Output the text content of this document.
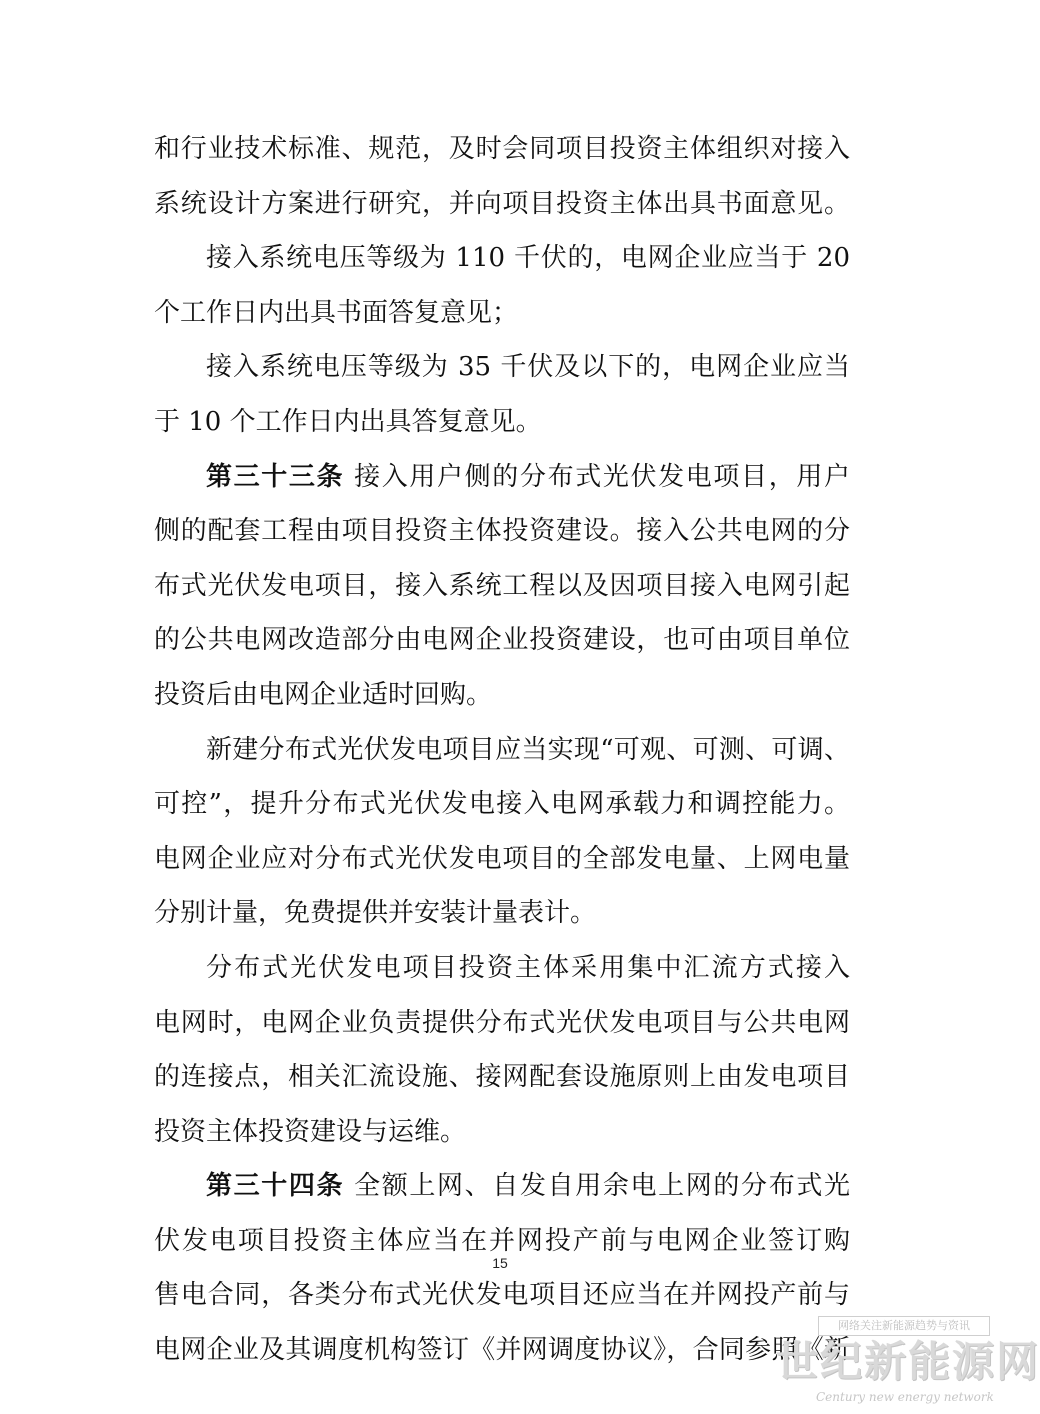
和行业技术标准、规范，及时会同项目投资主体组织对接入
系统设计方案进行研究，并向项目投资主体出具书面意见。
接入系统电压等级为 110 千伏的，电网企业应当于 20
个工作日内出具书面答复意见；
接入系统电压等级为 35 千伏及以下的，电网企业应当
于 10 个工作日内出具答复意见。
第三十三条 接入用户侧的分布式光伏发电项目，用户
侧的配套工程由项目投资主体投资建设。接入公共电网的分
布式光伏发电项目，接入系统工程以及因项目接入电网引起
的公共电网改造部分由电网企业投资建设，也可由项目单位
投资后由电网企业适时回购。
新建分布式光伏发电项目应当实现“可观、可测、可调、
可控”，提升分布式光伏发电接入电网承载力和调控能力。
电网企业应对分布式光伏发电项目的全部发电量、上网电量
分别计量，免费提供并安装计量表计。
分布式光伏发电项目投资主体采用集中汇流方式接入
电网时，电网企业负责提供分布式光伏发电项目与公共电网
的连接点，相关汇流设施、接网配套设施原则上由发电项目
投资主体投资建设与运维。
第三十四条 全额上网、自发自用余电上网的分布式光
伏发电项目投资主体应当在并网投产前与电网企业签订购
售电合同，各类分布式光伏发电项目还应当在并网投产前与
电网企业及其调度机构签订《并网调度协议》，合同参照《新
15
网络关注新能源趋势与资讯
世纪新能源网
Century new energy network
